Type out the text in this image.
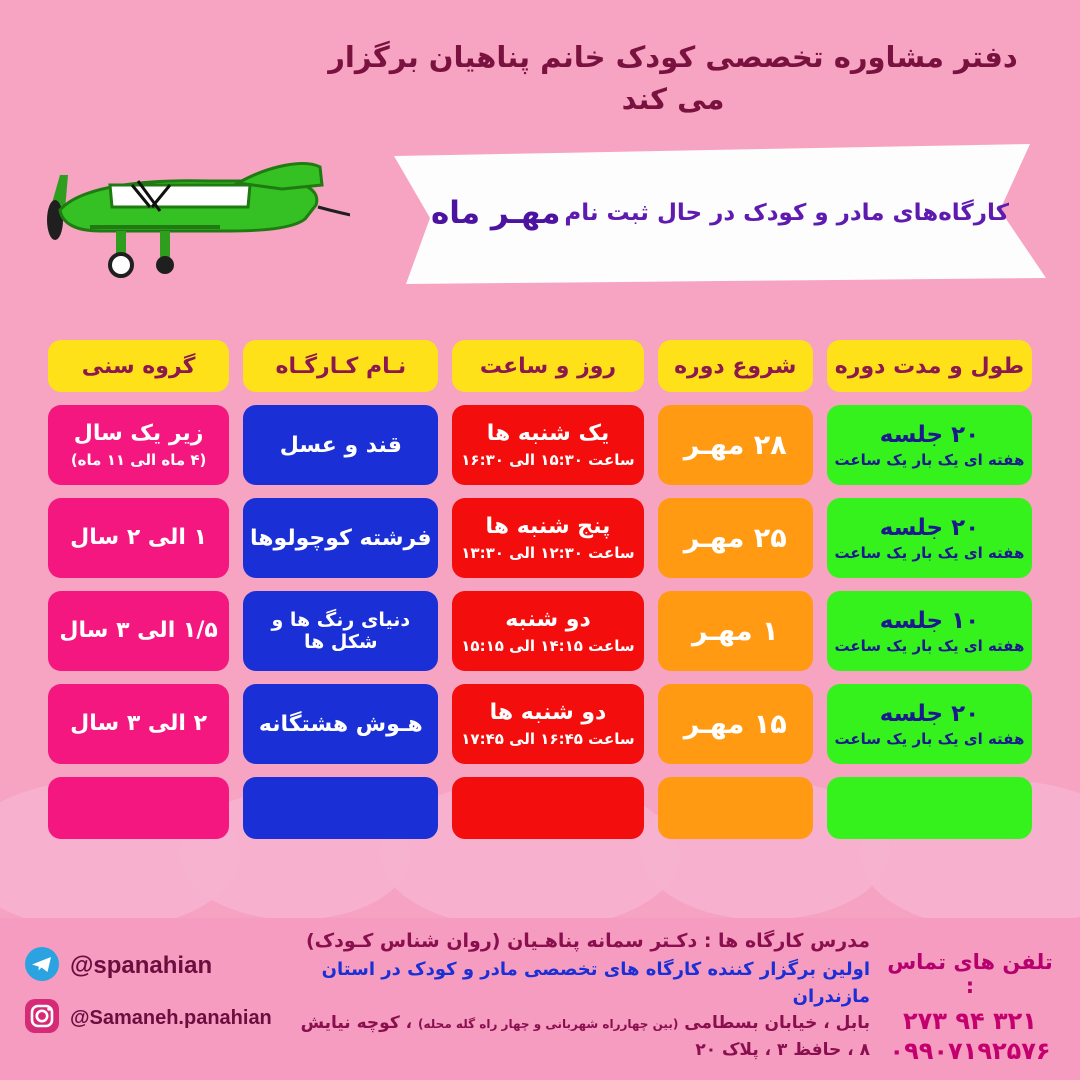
دفتر مشاوره تخصصی کودک خانم پناهیان برگزار می کند
کارگاه‌های مادر و کودک در حال ثبت نام
مهـر ماه
طول و مدت دوره
شروع دوره
روز و ساعت
نـام کـارگـاه
گروه سنی
۲۰ جلسه
هفته ای یک بار یک ساعت
۲۸ مهـر
یک شنبه ها
ساعت ۱۵:۳۰ الی ۱۶:۳۰
قند و عسل
زیر یک سال
(۴ ماه الی ۱۱ ماه)
۲۰ جلسه
هفته ای یک بار یک ساعت
۲۵ مهـر
پنج شنبه ها
ساعت ۱۲:۳۰ الی ۱۳:۳۰
فرشته کوچولوها
۱ الی ۲ سال
۱۰ جلسه
هفته ای یک بار یک ساعت
۱ مهـر
دو شنبه
ساعت ۱۴:۱۵ الی ۱۵:۱۵
دنیای رنگ ها و شکل ها
۱/۵ الی ۳ سال
۲۰ جلسه
هفته ای یک بار یک ساعت
۱۵ مهـر
دو شنبه ها
ساعت ۱۶:۴۵ الی ۱۷:۴۵
هـوش هشتگانه
۲ الی ۳ سال
تلفن های تماس :
۳۲۱ ۹۴ ۲۷۳
۰۹۹۰۷۱۹۲۵۷۶
مدرس کارگاه ها : دکـتر سمانه پناهـیان (روان شناس کـودک)
اولین برگزار کننده کارگاه های تخصصی مادر و کودک در استان مازندران
بابل ، خیابان بسطامی (بین چهارراه شهربانی و چهار راه گله محله) ، کوچه نیایش ۸ ، حافظ ۳ ، پلاک ۲۰
@spanahian
@Samaneh.panahian
